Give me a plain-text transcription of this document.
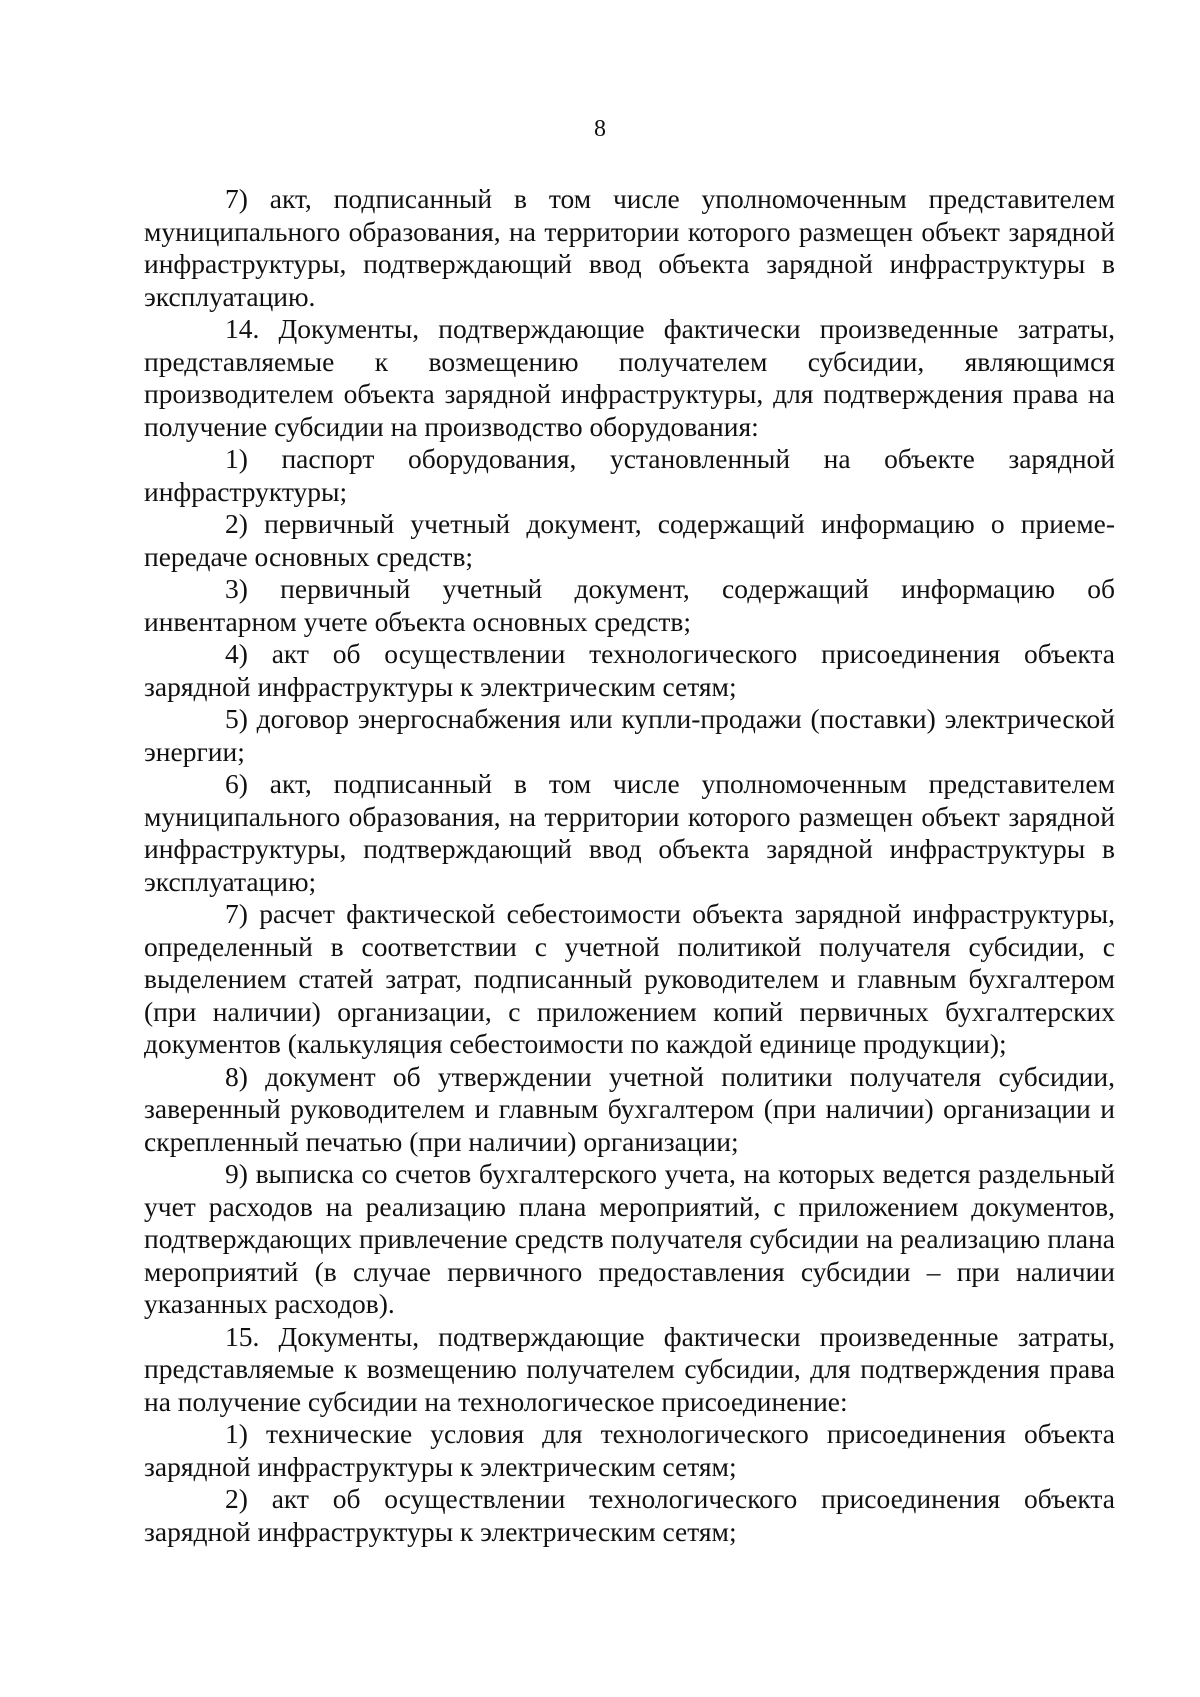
8

7) акт, подписанный в том числе уполномоченным представителем муниципального образования, на территории которого размещен объект зарядной инфраструктуры, подтверждающий ввод объекта зарядной инфраструктуры в эксплуатацию.

14. Документы, подтверждающие фактически произведенные затраты, представляемые к возмещению получателем субсидии, являющимся производителем объекта зарядной инфраструктуры, для подтверждения права на получение субсидии на производство оборудования:

1) паспорт оборудования, установленный на объекте зарядной инфраструктуры;

2) первичный учетный документ, содержащий информацию о приеме-передаче основных средств;

3) первичный учетный документ, содержащий информацию об инвентарном учете объекта основных средств;

4) акт об осуществлении технологического присоединения объекта зарядной инфраструктуры к электрическим сетям;

5) договор энергоснабжения или купли-продажи (поставки) электрической энергии;

6) акт, подписанный в том числе уполномоченным представителем муниципального образования, на территории которого размещен объект зарядной инфраструктуры, подтверждающий ввод объекта зарядной инфраструктуры в эксплуатацию;

7) расчет фактической себестоимости объекта зарядной инфраструктуры, определенный в соответствии с учетной политикой получателя субсидии, с выделением статей затрат, подписанный руководителем и главным бухгалтером (при наличии) организации, с приложением копий первичных бухгалтерских документов (калькуляция себестоимости по каждой единице продукции);

8) документ об утверждении учетной политики получателя субсидии, заверенный руководителем и главным бухгалтером (при наличии) организации и скрепленный печатью (при наличии) организации;

9) выписка со счетов бухгалтерского учета, на которых ведется раздельный учет расходов на реализацию плана мероприятий, с приложением документов, подтверждающих привлечение средств получателя субсидии на реализацию плана мероприятий (в случае первичного предоставления субсидии – при наличии указанных расходов).

15. Документы, подтверждающие фактически произведенные затраты, представляемые к возмещению получателем субсидии, для подтверждения права на получение субсидии на технологическое присоединение:

1) технические условия для технологического присоединения объекта зарядной инфраструктуры к электрическим сетям;

2) акт об осуществлении технологического присоединения объекта зарядной инфраструктуры к электрическим сетям;
